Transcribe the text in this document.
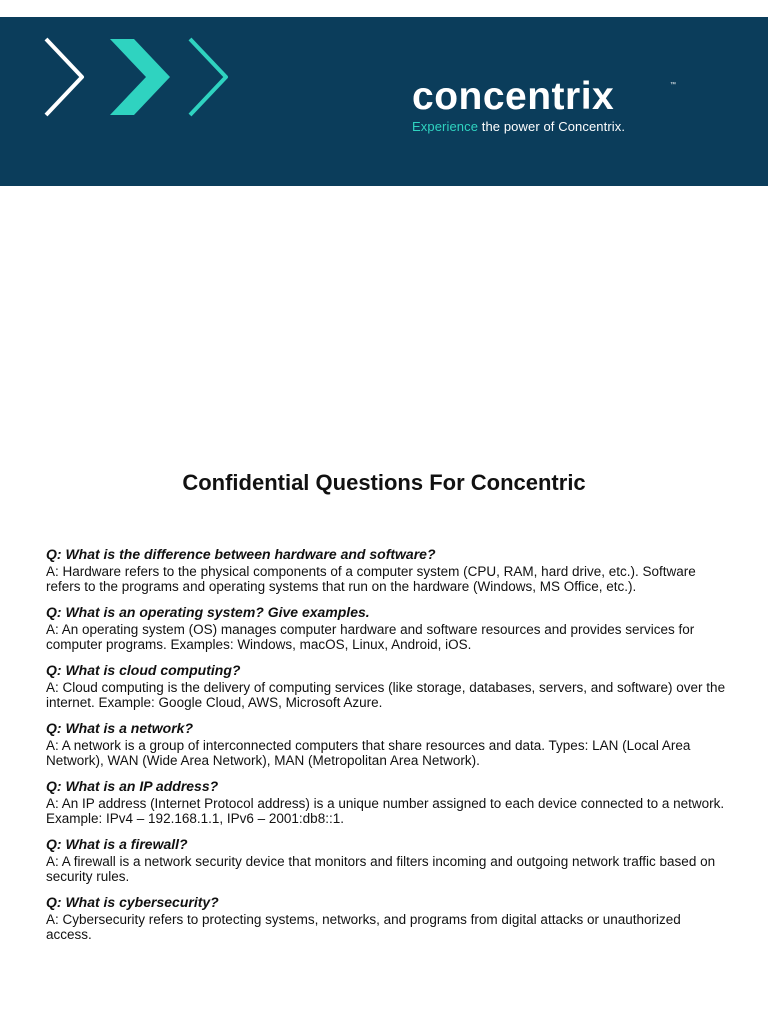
concentrix	™
Experience the power of Concentrix.
Confidential Questions For Concentric

Q: What is the difference between hardware and software?

A: Hardware refers to the physical components of a computer system (CPU, RAM, hard drive, etc.). Software refers to the programs and operating systems that run on the hardware (Windows, MS Office, etc.).

Q: What is an operating system? Give examples.

A: An operating system (OS) manages computer hardware and software resources and provides services for computer programs. Examples: Windows, macOS, Linux, Android, iOS.

Q: What is cloud computing?

A: Cloud computing is the delivery of computing services (like storage, databases, servers, and software) over the internet. Example: Google Cloud, AWS, Microsoft Azure.

Q: What is a network?

A: A network is a group of interconnected computers that share resources and data. Types: LAN (Local Area Network), WAN (Wide Area Network), MAN (Metropolitan Area Network).

Q: What is an IP address?

A: An IP address (Internet Protocol address) is a unique number assigned to each device connected to a network. Example: IPv4 – 192.168.1.1, IPv6 – 2001:db8::1.

Q: What is a firewall?

A: A firewall is a network security device that monitors and filters incoming and outgoing network traffic based on security rules.

Q: What is cybersecurity?

A: Cybersecurity refers to protecting systems, networks, and programs from digital attacks or unauthorized access.
